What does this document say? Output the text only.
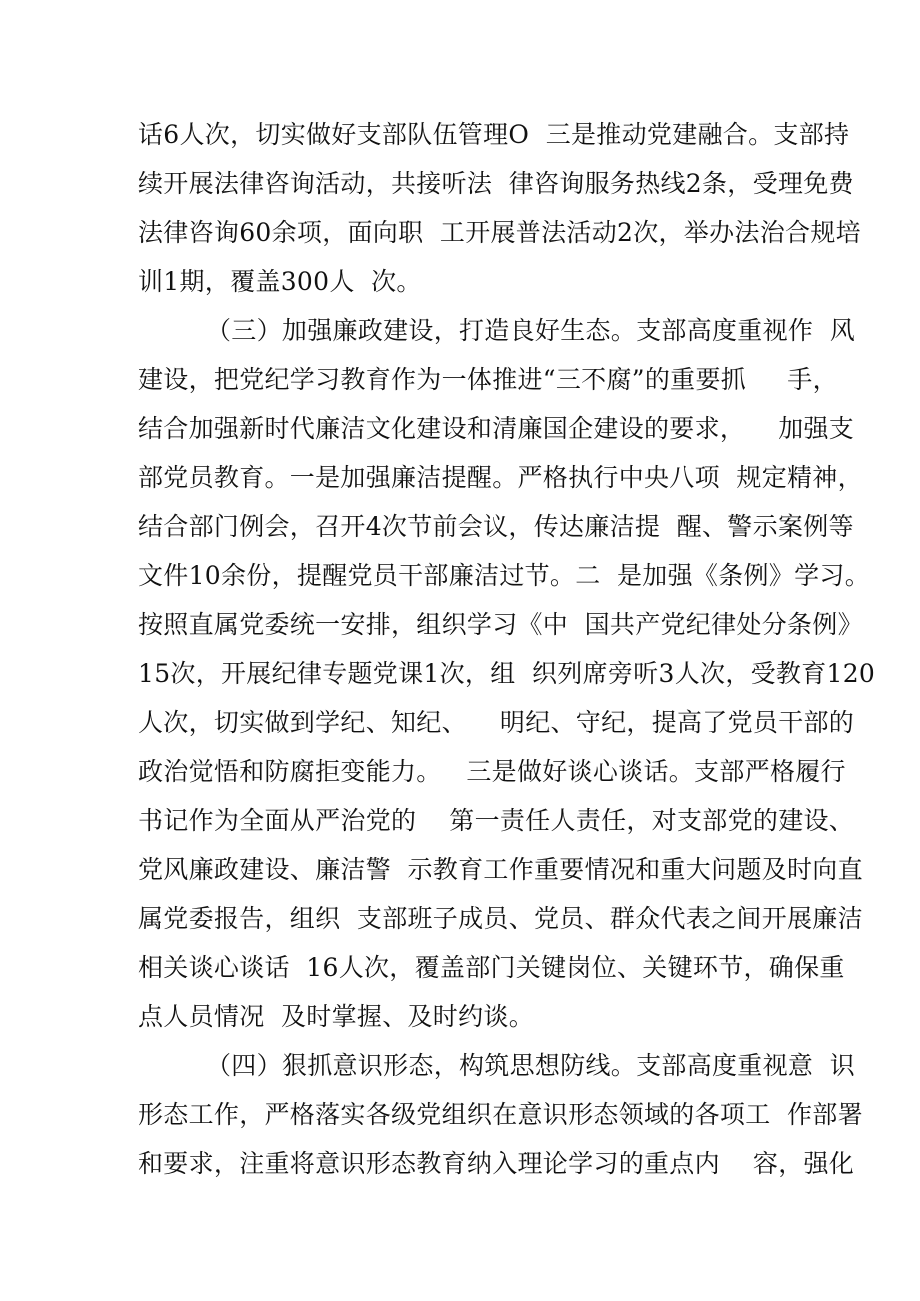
话6人次，切实做好支部队伍管理O  三是推动党建融合。支部持
续开展法律咨询活动，共接听法  律咨询服务热线2条，受理免费
法律咨询60余项，面向职  工开展普法活动2次，举办法治合规培
训1期，覆盖300人  次。
（三）加强廉政建设，打造良好生态。支部高度重视作  风
建设，把党纪学习教育作为一体推进“三不腐”的重要抓     手，
结合加强新时代廉洁文化建设和清廉国企建设的要求，    加强支
部党员教育。一是加强廉洁提醒。严格执行中央八项  规定精神，
结合部门例会，召开4次节前会议，传达廉洁提  醒、警示案例等
文件10余份，提醒党员干部廉洁过节。二  是加强《条例》学习。
按照直属党委统一安排，组织学习《中  国共产党纪律处分条例》
15次，开展纪律专题党课1次，组  织列席旁听3人次，受教育120
人次，切实做到学纪、知纪、    明纪、守纪，提高了党员干部的
政治觉悟和防腐拒变能力。   三是做好谈心谈话。支部严格履行
书记作为全面从严治党的    第一责任人责任，对支部党的建设、
党风廉政建设、廉洁警  示教育工作重要情况和重大问题及时向直
属党委报告，组织  支部班子成员、党员、群众代表之间开展廉洁
相关谈心谈话  16人次，覆盖部门关键岗位、关键环节，确保重
点人员情况  及时掌握、及时约谈。
（四）狠抓意识形态，构筑思想防线。支部高度重视意  识
形态工作，严格落实各级党组织在意识形态领域的各项工  作部署
和要求，注重将意识形态教育纳入理论学习的重点内    容，强化
